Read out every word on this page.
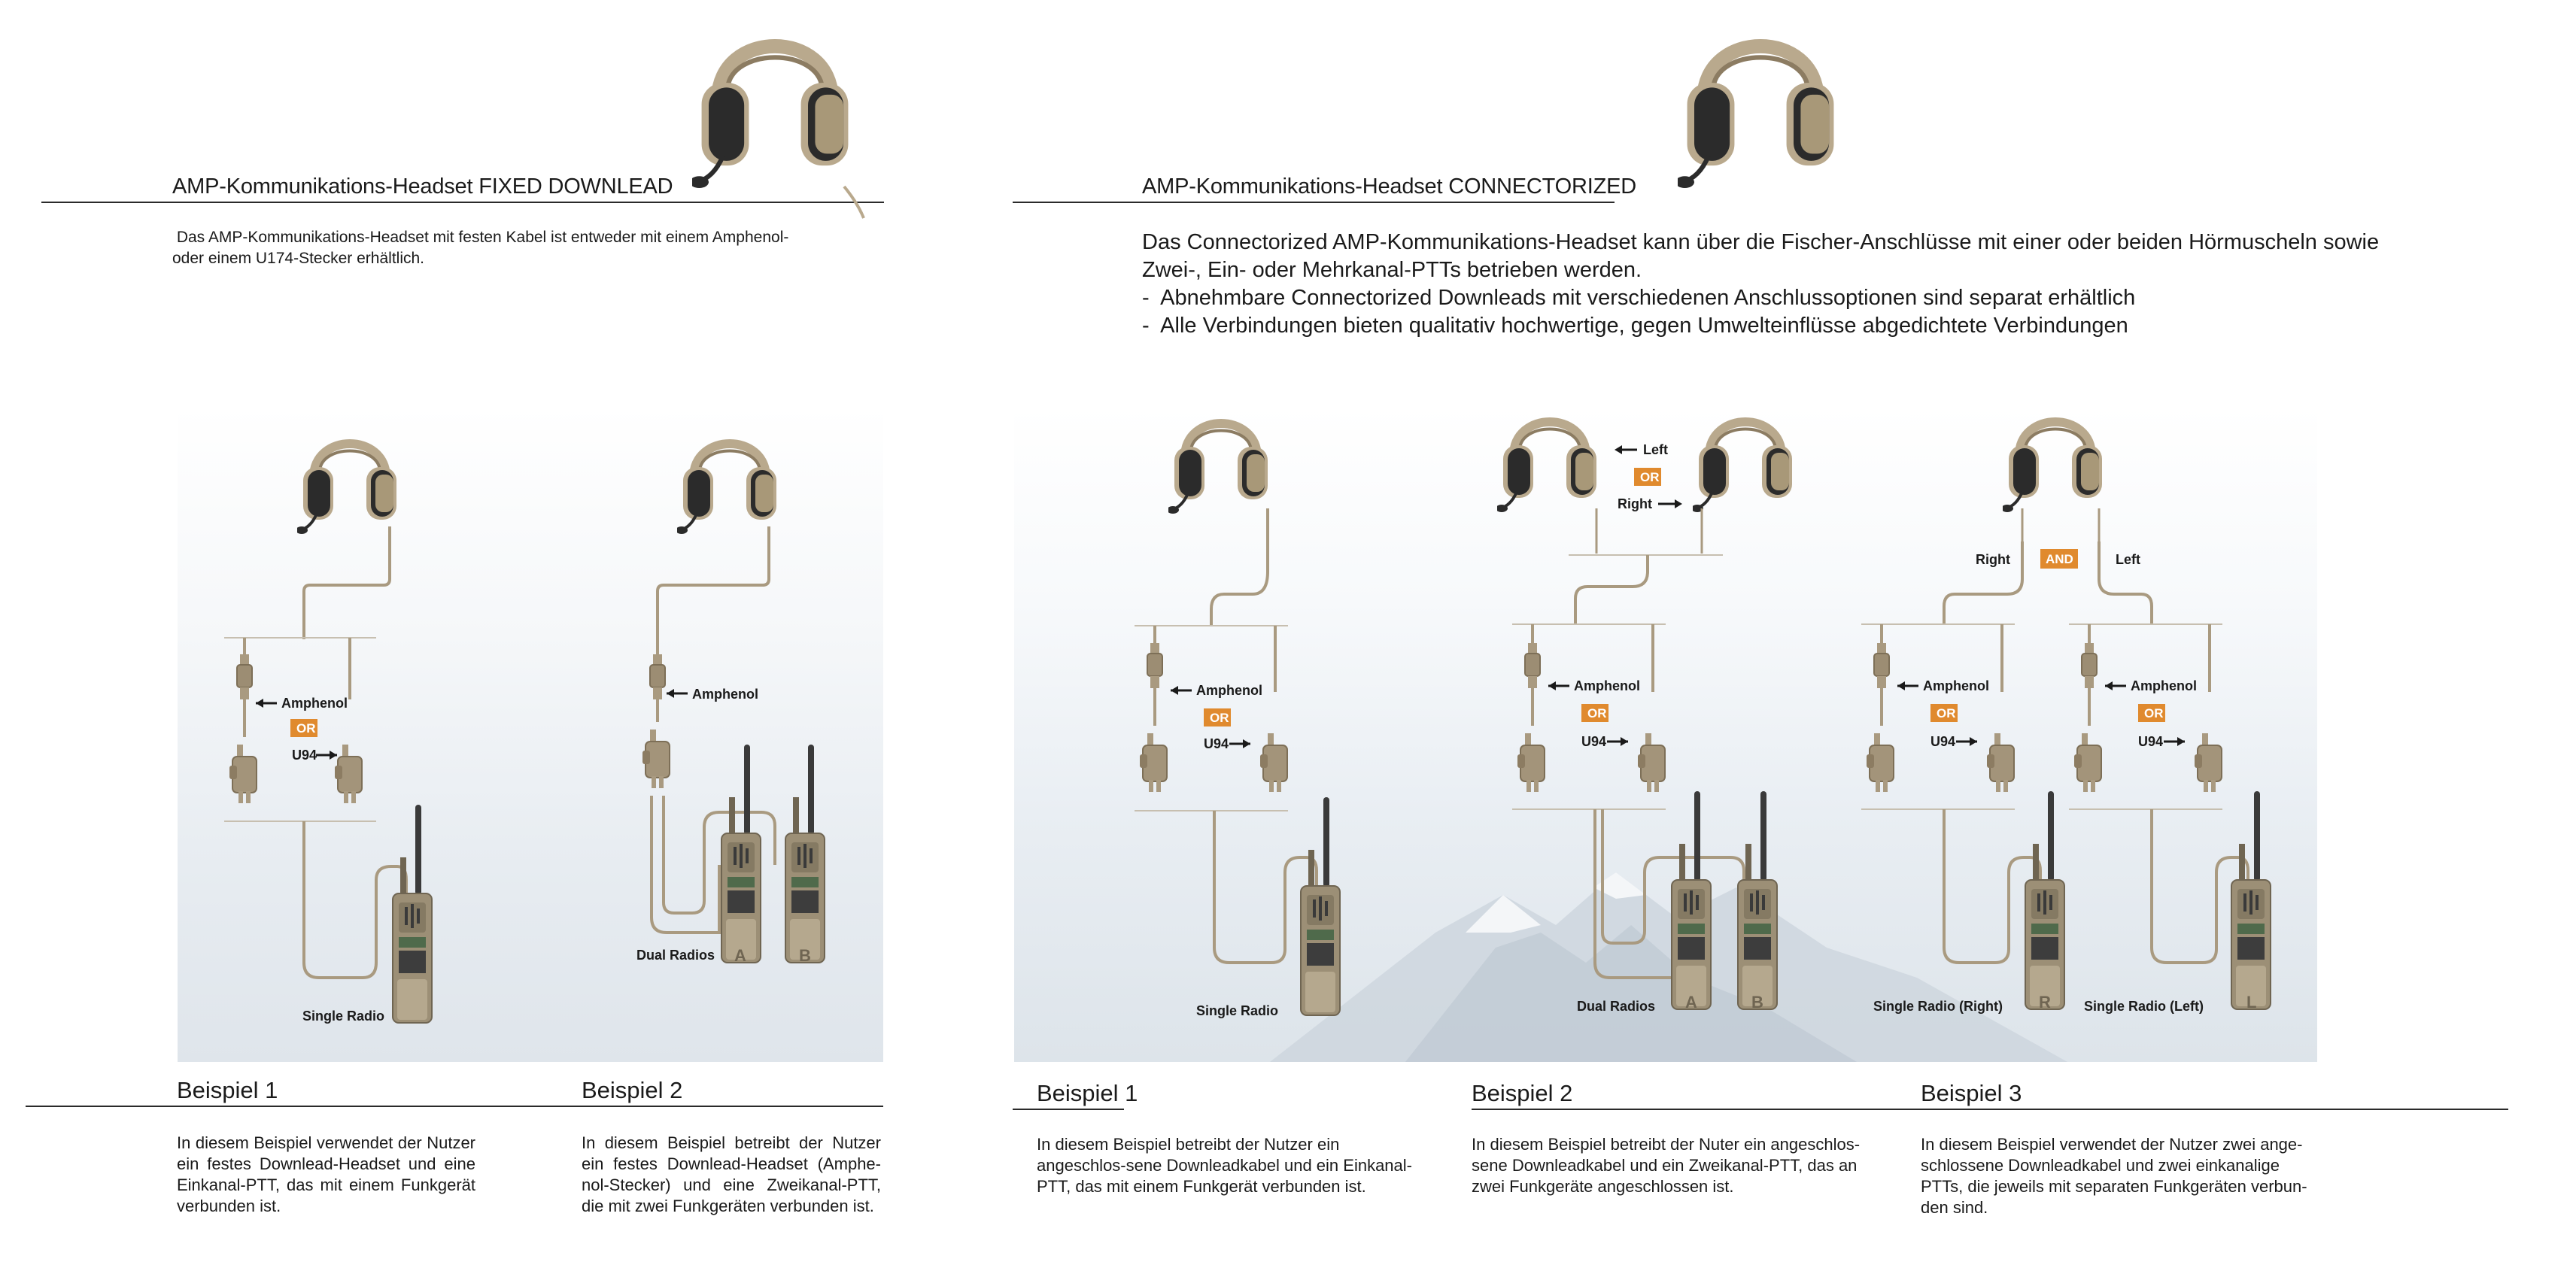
AMP-Kommunikations-Headset FIXED DOWNLEAD
Das AMP-Kommunikations-Headset mit festen Kabel ist entweder mit einem Amphenol-
oder einem U174-Stecker erhältlich.
AMP-Kommunikations-Headset CONNECTORIZED
Das Connectorized AMP-Kommunikations-Headset kann über die Fischer-Anschlüsse mit einer oder beiden Hörmuscheln sowie
Zwei-, Ein- oder Mehrkanal-PTTs betrieben werden.
-  Abnehmbare Connectorized Downleads mit verschiedenen Anschlussoptionen sind separat erhältlich
-  Alle Verbindungen bieten qualitativ hochwertige, gegen Umwelteinflüsse abgedichtete Verbindungen
Amphenol
OR
U94
Single Radio
Amphenol
A	B
Dual Radios
Amphenol
OR
U94
Single Radio
Left
OR
Right
Amphenol
OR
U94
A	B
Dual Radios
Right	AND	Left
Amphenol
OR
U94
R
Single Radio (Right)
Amphenol
OR
U94
L
Single Radio (Left)
Beispiel 1	Beispiel 2
In diesem Beispiel verwendet der Nutzer ein festes Downlead-Headset und eine Einkanal-PTT, das mit einem Funkgerät verbunden ist.
In diesem Beispiel betreibt der Nutzer ein festes Downlead-Headset (Amphe-nol-Stecker) und eine Zweikanal-PTT, die mit zwei Funkgeräten verbunden ist.
Beispiel 1	Beispiel 2	Beispiel 3
In diesem Beispiel betreibt der Nutzer ein angeschlos-sene Downleadkabel und ein Einkanal-PTT, das mit einem Funkgerät verbunden ist.
In diesem Beispiel betreibt der Nuter ein angeschlos-sene Downleadkabel und ein Zweikanal-PTT, das an zwei Funkgeräte angeschlossen ist.
In diesem Beispiel verwendet der Nutzer zwei ange-schlossene Downleadkabel und zwei einkanalige PTTs, die jeweils mit separaten Funkgeräten verbun-den sind.
